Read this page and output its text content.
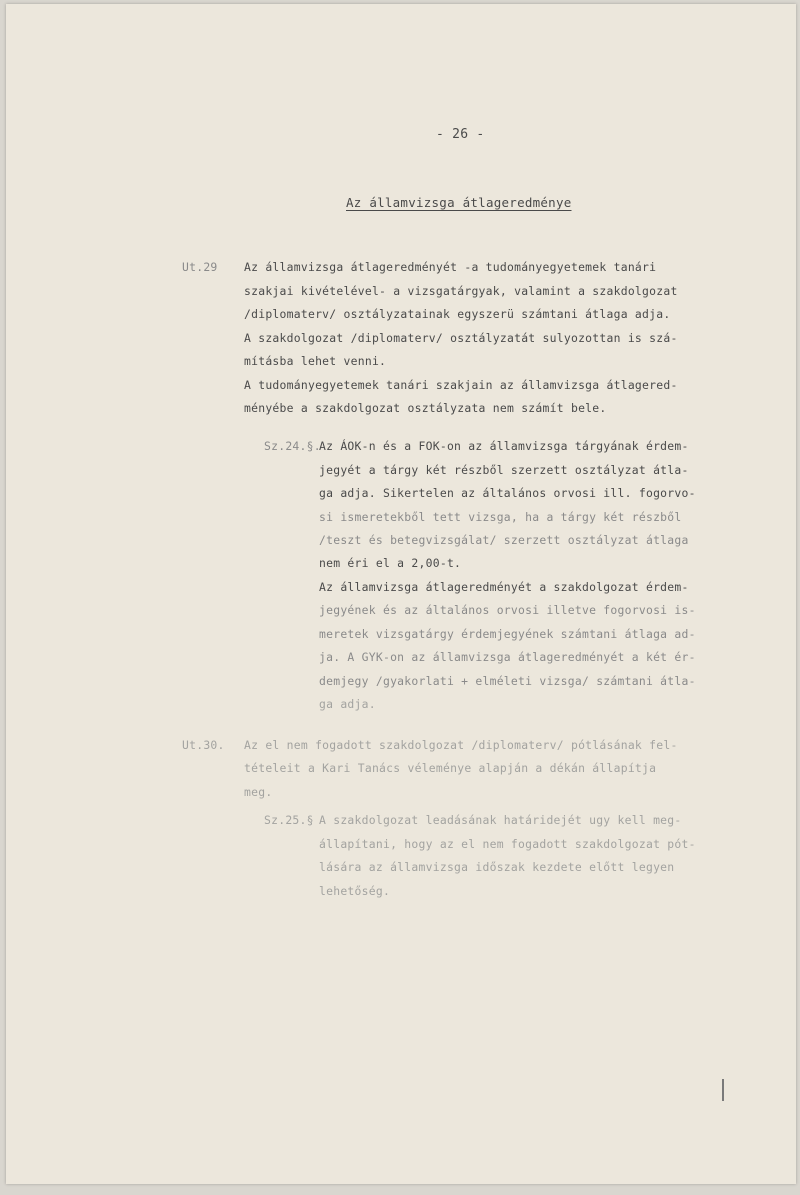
- 26 -
Az államvizsga átlageredménye
Ut.29 Az államvizsga átlageredményét -a tudományegyetemek tanári
szakjai kivételével- a vizsgatárgyak, valamint a szakdolgozat
/diplomaterv/ osztályzatainak egyszerü számtani átlaga adja.
A szakdolgozat /diplomaterv/ osztályzatát sulyozottan is szá-
mításba lehet venni.
A tudományegyetemek tanári szakjain az államvizsga átlagered-
ményébe a szakdolgozat osztályzata nem számít bele.
Sz.24.§.
Az ÁOK-n és a FOK-on az államvizsga tárgyának érdem-
jegyét a tárgy két részből szerzett osztályzat átla-
ga adja. Sikertelen az általános orvosi ill. fogorvo-
si ismeretekből tett vizsga, ha a tárgy két részből
/teszt és betegvizsgálat/ szerzett osztályzat átlaga
nem éri el a 2,00-t.
Az államvizsga átlageredményét a szakdolgozat érdem-
jegyének és az általános orvosi illetve fogorvosi is-
meretek vizsgatárgy érdemjegyének számtani átlaga ad-
ja. A GYK-on az államvizsga átlageredményét a két ér-
demjegy /gyakorlati + elméleti vizsga/ számtani átla-
ga adja.
Ut.30. Az el nem fogadott szakdolgozat /diplomaterv/ pótlásának fel-
tételeit a Kari Tanács véleménye alapján a dékán állapítja
meg.
Sz.25.§ A szakdolgozat leadásának határidejét ugy kell meg-
állapítani, hogy az el nem fogadott szakdolgozat pót-
lására az államvizsga időszak kezdete előtt legyen
lehetőség.
